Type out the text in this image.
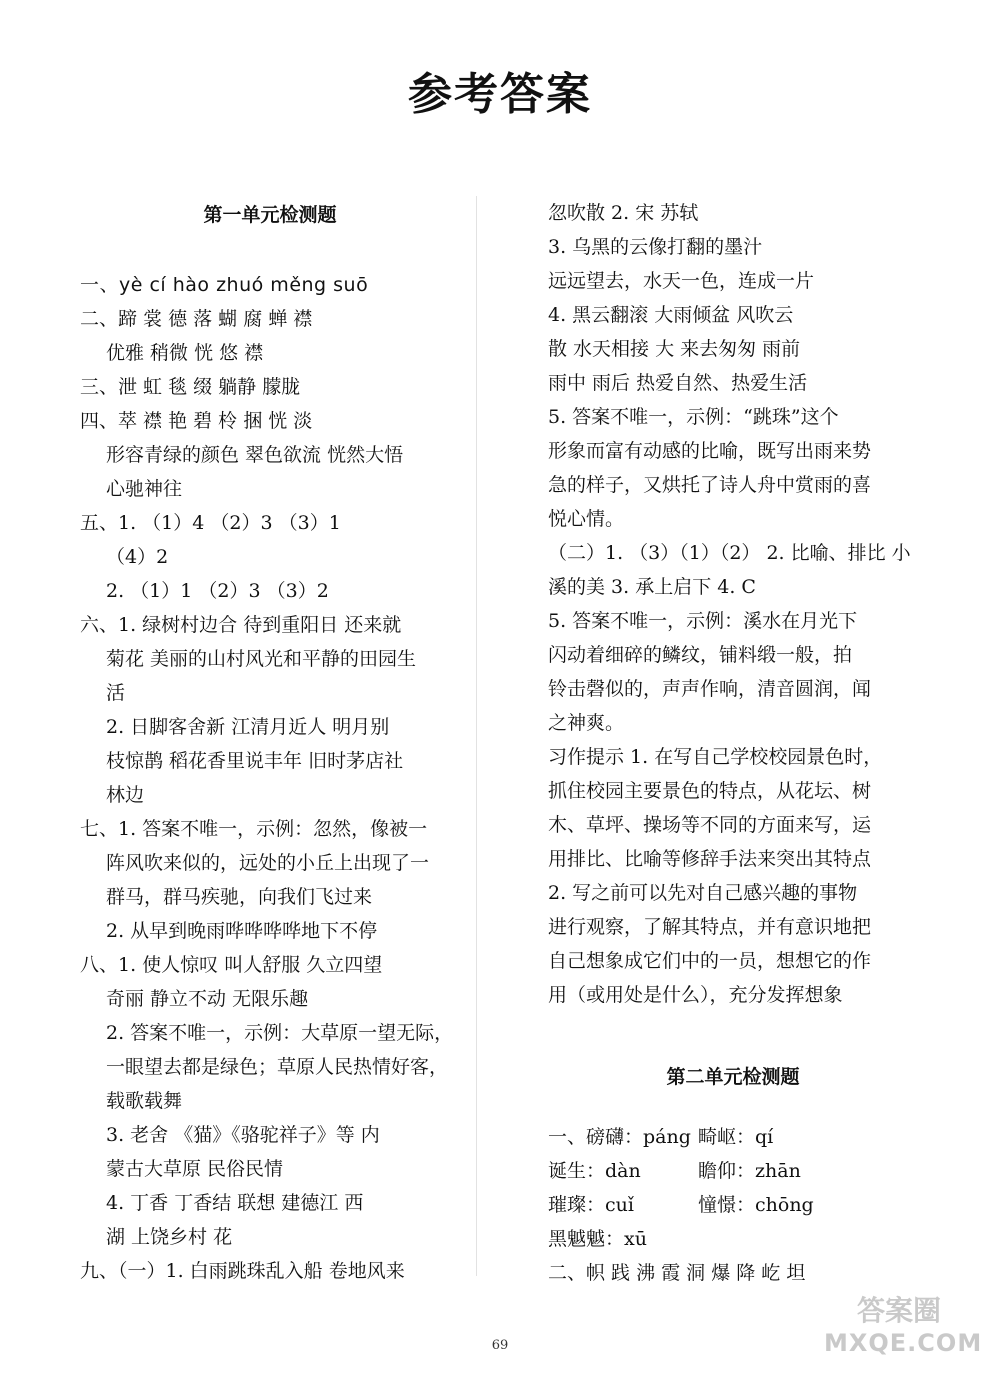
参考答案
第一单元检测题
一、yè cí hào zhuó měng suō
二、蹄 裳 德 落 蝴 腐 蝉 襟
优雅 稍微 恍 悠 襟
三、泄 虹 毯 缀 躺静 朦胧
四、萃 襟 艳 碧 柃 捆 恍 淡
形容青绿的颜色 翠色欲流 恍然大悟
心驰神往
五、1. （1）4 （2）3 （3）1
（4）2
2. （1）1 （2）3 （3）2
六、1. 绿树村边合 待到重阳日 还来就
菊花 美丽的山村风光和平静的田园生
活
2. 日脚客舍新 江清月近人 明月别
枝惊鹊 稻花香里说丰年 旧时茅店社
林边
七、1. 答案不唯一，示例：忽然，像被一
阵风吹来似的，远处的小丘上出现了一
群马，群马疾驰，向我们飞过来
2. 从早到晚雨哗哗哗哗地下不停
八、1. 使人惊叹 叫人舒服 久立四望
奇丽 静立不动 无限乐趣
2. 答案不唯一，示例：大草原一望无际，
一眼望去都是绿色；草原人民热情好客，
载歌载舞
3. 老舍 《猫》《骆驼祥子》等 内
蒙古大草原 民俗民情
4. 丁香 丁香结 联想 建德江 西
湖 上饶乡村 花
九、（一）1. 白雨跳珠乱入船 卷地风来
忽吹散 2. 宋 苏轼
3. 乌黑的云像打翻的墨汁
远远望去，水天一色，连成一片
4. 黑云翻滚 大雨倾盆 风吹云
散 水天相接 大 来去匆匆 雨前
雨中 雨后 热爱自然、热爱生活
5. 答案不唯一，示例：“跳珠”这个
形象而富有动感的比喻，既写出雨来势
急的样子，又烘托了诗人舟中赏雨的喜
悦心情。
（二）1. （3）（1）（2） 2. 比喻、排比 小
溪的美 3. 承上启下 4. C
5. 答案不唯一，示例：溪水在月光下
闪动着细碎的鳞纹，铺料缎一般，拍
铃击磬似的，声声作响，清音圆润，闻
之神爽。
习作提示 1. 在写自己学校校园景色时，
抓住校园主要景色的特点，从花坛、树
木、草坪、操场等不同的方面来写，运
用排比、比喻等修辞手法来突出其特点
2. 写之前可以先对自己感兴趣的事物
进行观察，了解其特点，并有意识地把
自己想象成它们中的一员，想想它的作
用（或用处是什么），充分发挥想象
第二单元检测题
一、磅礴：páng 畸岖：qí
诞生：dàn	瞻仰：zhān
璀璨：cuǐ	憧憬：chōng
黑魆魆：xū
二、帜 践 沸 霞 洞 爆 降 屹 坦
69
答案圈
MXQE.COM
